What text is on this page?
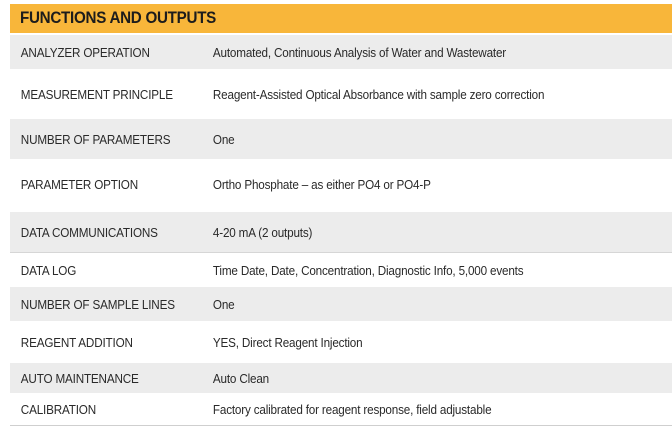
FUNCTIONS AND OUTPUTS
ANALYZER OPERATION	Automated, Continuous Analysis of Water and Wastewater
MEASUREMENT PRINCIPLE	Reagent-Assisted Optical Absorbance with sample zero correction
NUMBER OF PARAMETERS	One
PARAMETER OPTION	Ortho Phosphate – as either PO4 or PO4-P
DATA COMMUNICATIONS	4-20 mA (2 outputs)
DATA LOG	Time Date, Date, Concentration, Diagnostic Info, 5,000 events
NUMBER OF SAMPLE LINES	One
REAGENT ADDITION	YES, Direct Reagent Injection
AUTO MAINTENANCE	Auto Clean
CALIBRATION	Factory calibrated for reagent response, field adjustable
